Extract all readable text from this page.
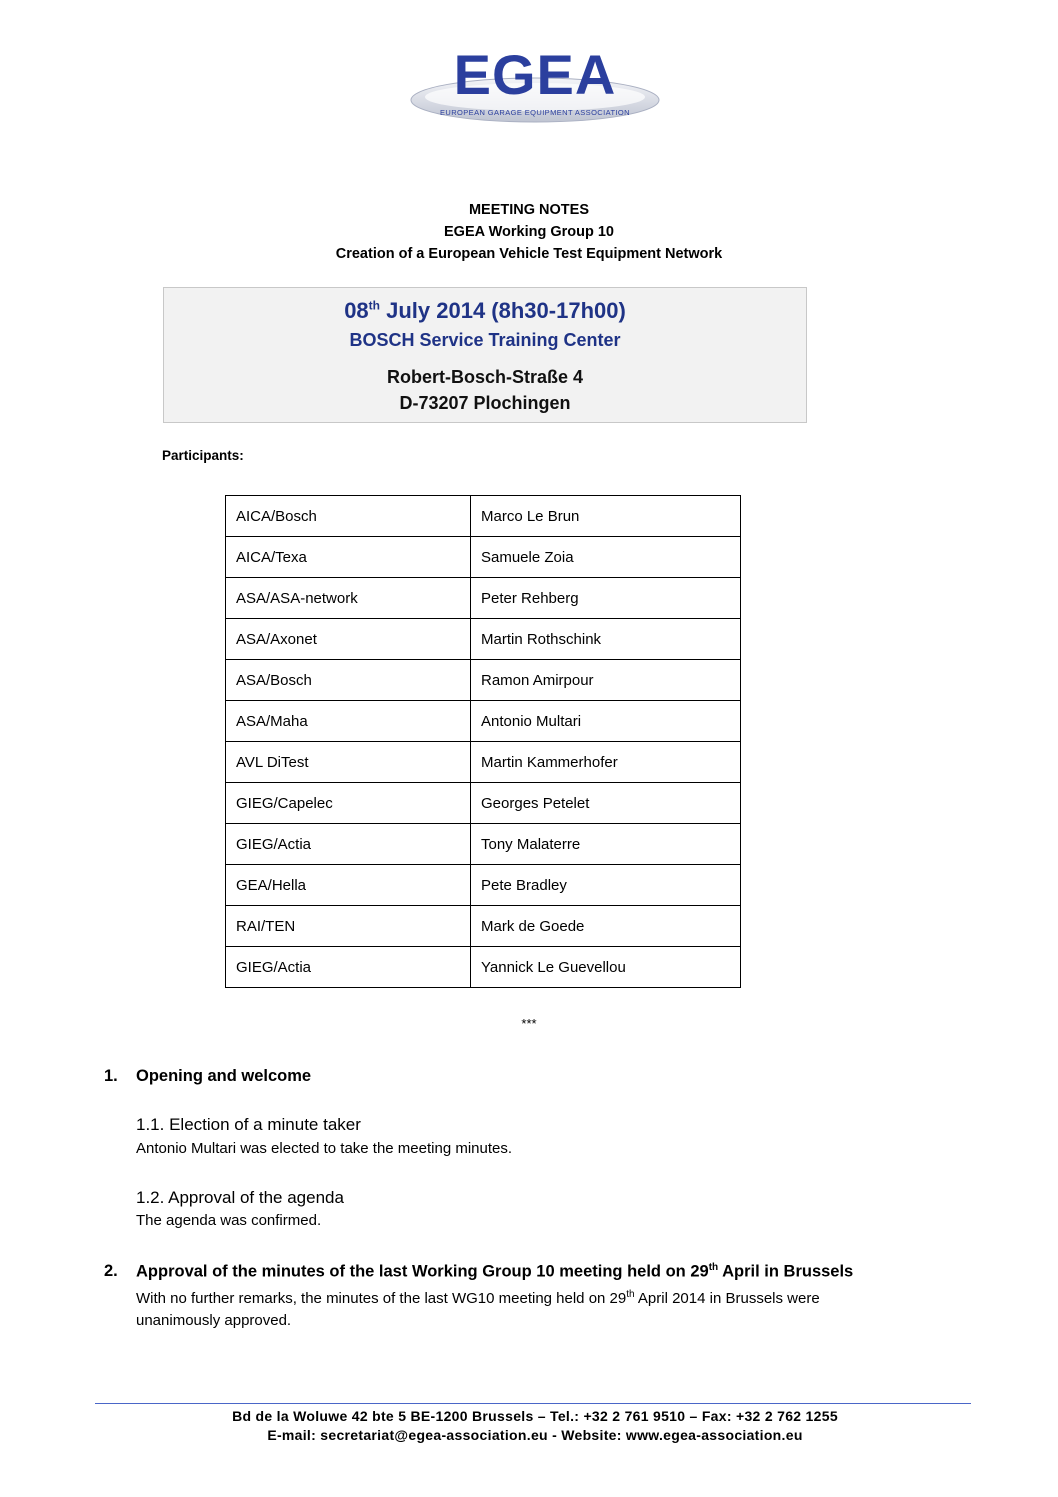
EGEA
EUROPEAN GARAGE EQUIPMENT ASSOCIATION
MEETING NOTES
EGEA Working Group 10
Creation of a European Vehicle Test Equipment Network
08th July 2014 (8h30-17h00)
BOSCH Service Training Center
Robert-Bosch-Straße 4
D-73207 Plochingen
Participants:
AICA/Bosch	Marco Le Brun
AICA/Texa	Samuele Zoia
ASA/ASA-network	Peter Rehberg
ASA/Axonet	Martin Rothschink
ASA/Bosch	Ramon Amirpour
ASA/Maha	Antonio Multari
AVL DiTest	Martin Kammerhofer
GIEG/Capelec	Georges Petelet
GIEG/Actia	Tony Malaterre
GEA/Hella	Pete Bradley
RAI/TEN	Mark de Goede
GIEG/Actia	Yannick Le Guevellou
***
1. Opening and welcome
1.1. Election of a minute taker
Antonio Multari was elected to take the meeting minutes.
1.2. Approval of the agenda
The agenda was confirmed.
2. Approval of the minutes of the last Working Group 10 meeting held on 29th April in Brussels
With no further remarks, the minutes of the last WG10 meeting held on 29th April 2014 in Brussels were unanimously approved.
Bd de la Woluwe 42 bte 5 BE-1200 Brussels – Tel.: +32 2 761 9510 – Fax: +32 2 762 1255
E-mail: secretariat@egea-association.eu - Website: www.egea-association.eu
